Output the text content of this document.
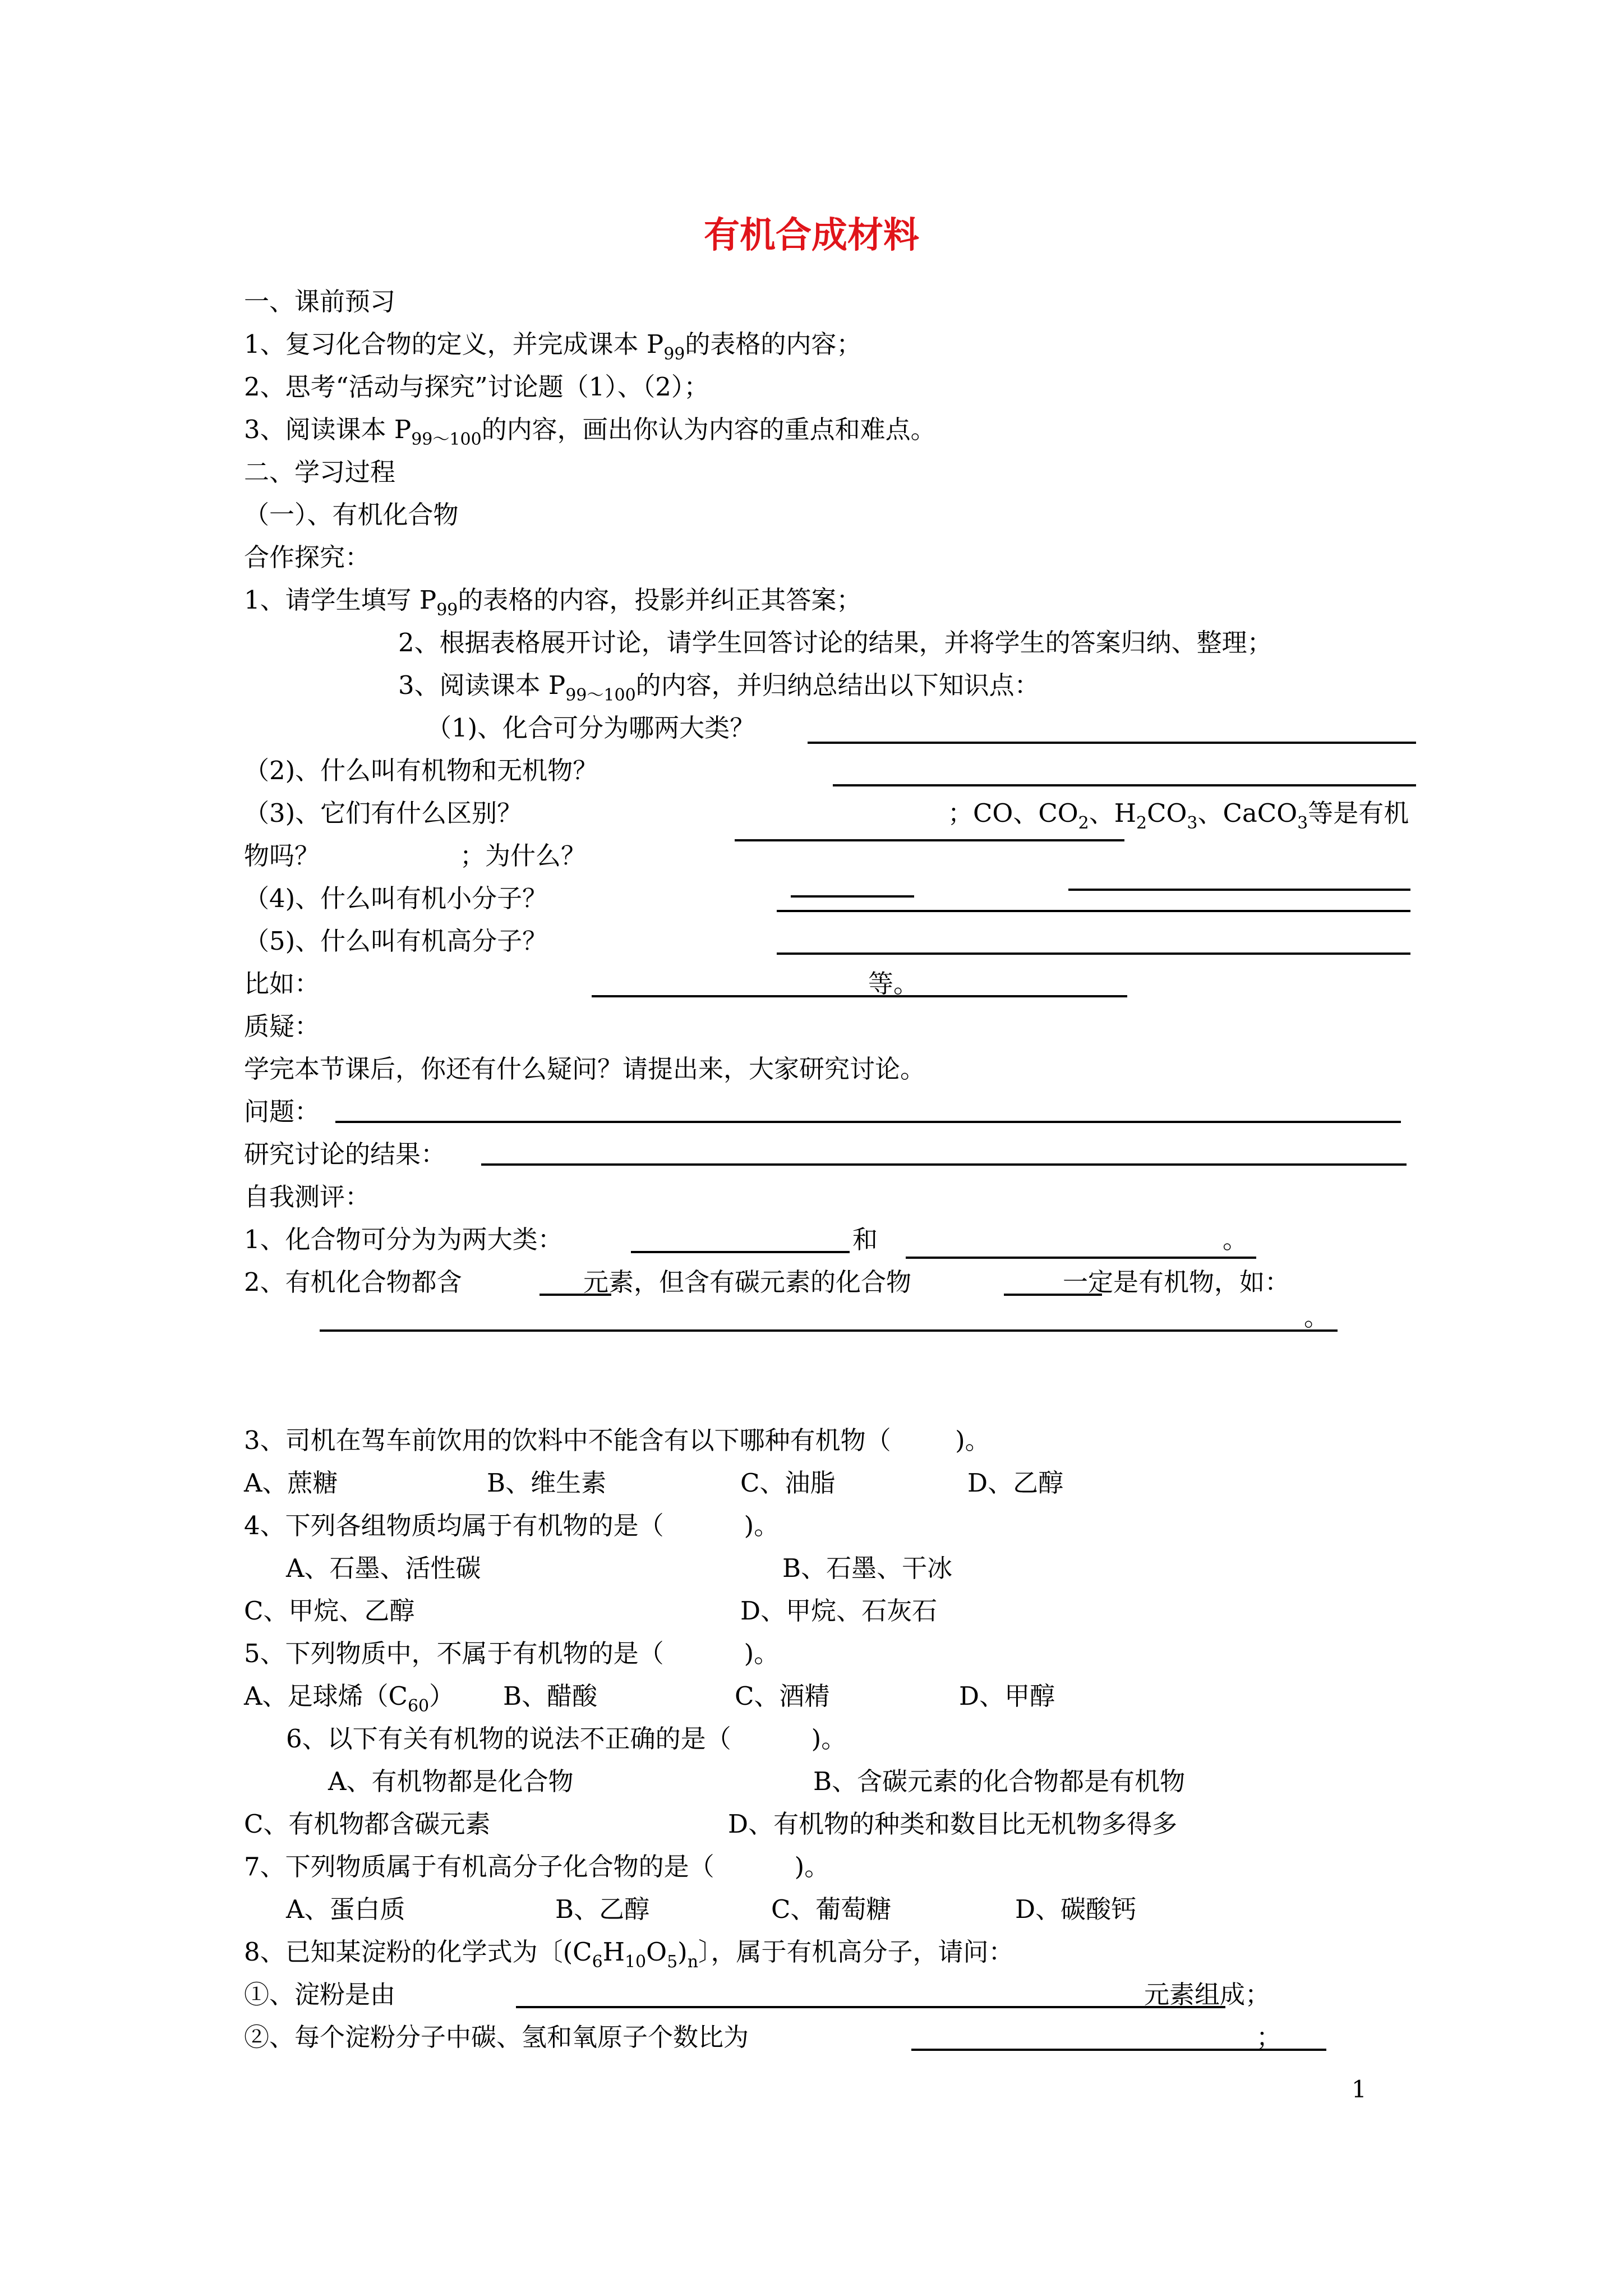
有机合成材料
一、课前预习
1、复习化合物的定义，并完成课本 $P_{99}$的表格的内容；
2、思考“活动与探究”讨论题（1）、（2）；
3、阅读课本 $P_{99\sim 100}$的内容，画出你认为内容的重点和难点。
二、学习过程
（一）、有机化合物
合作探究：
1、请学生填写 $P_{99}$的表格的内容，投影并纠正其答案；
2、根据表格展开讨论，请学生回答讨论的结果，并将学生的答案归纳、整理；
3、阅读课本 $P_{99\sim 100}$的内容，并归纳总结出以下知识点：
（1)、化合可分为哪两大类？
（2)、什么叫有机物和无机物？
（3)、它们有什么区别？	；CO、$CO_2$、$H_2CO_3$、CaCO$_3$等是有机
物吗？	；为什么？
（4)、什么叫有机小分子？
（5)、什么叫有机高分子？
比如：	等。
质疑：
学完本节课后，你还有什么疑问？请提出来，大家研究讨论。
问题：
研究讨论的结果：
自我测评：
1、化合物可分为为两大类：	和	。
2、有机化合物都含	元素，但含有碳元素的化合物	一定是有机物，如：
。
3、司机在驾车前饮用的饮料中不能含有以下哪种有机物（        )。
A、蔗糖	B、维生素	C、油脂	D、乙醇
4、下列各组物质均属于有机物的是（          )。
A、石墨、活性碳	B、石墨、干冰
C、甲烷、乙醇	D、甲烷、石灰石
5、下列物质中，不属于有机物的是（          )。
A、足球烯$(C_{60})$ B、醋酸	C、酒精	D、甲醇
6、以下有关有机物的说法不正确的是（          )。
A、有机物都是化合物	B、含碳元素的化合物都是有机物
C、有机物都含碳元素	D、有机物的种类和数目比无机物多得多
7、下列物质属于有机高分子化合物的是（          )。
A、蛋白质	B、乙醇	C、葡萄糖	D、碳酸钙
8、已知某淀粉的化学式为〔$(C_6H_{10}O_5)_n$〕，属于有机高分子，请问：
①、淀粉是由	元素组成；
②、每个淀粉分子中碳、氢和氧原子个数比为	；
1
